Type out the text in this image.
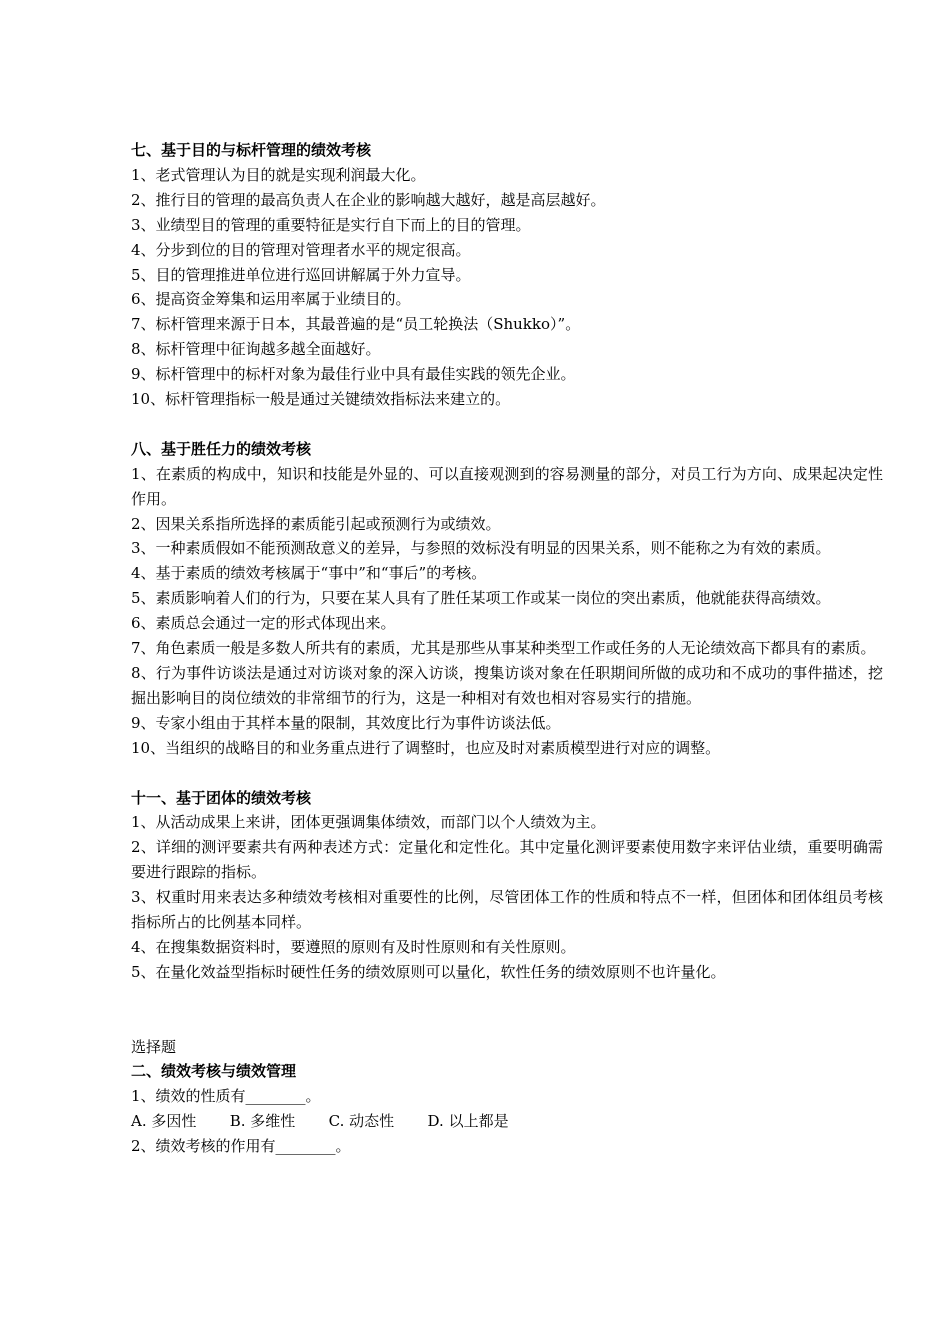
七、基于目的与标杆管理的绩效考核
1、老式管理认为目的就是实现利润最大化。
2、推行目的管理的最高负责人在企业的影响越大越好，越是高层越好。
3、业绩型目的管理的重要特征是实行自下而上的目的管理。
4、分步到位的目的管理对管理者水平的规定很高。
5、目的管理推进单位进行巡回讲解属于外力宣导。
6、提高资金筹集和运用率属于业绩目的。
7、标杆管理来源于日本，其最普遍的是“员工轮换法（Shukko）”。
8、标杆管理中征询越多越全面越好。
9、标杆管理中的标杆对象为最佳行业中具有最佳实践的领先企业。
10、标杆管理指标一般是通过关键绩效指标法来建立的。
八、基于胜任力的绩效考核
1、在素质的构成中，知识和技能是外显的、可以直接观测到的容易测量的部分，对员工行为方向、成果起决定性作用。
2、因果关系指所选择的素质能引起或预测行为或绩效。
3、一种素质假如不能预测敌意义的差异，与参照的效标没有明显的因果关系，则不能称之为有效的素质。
4、基于素质的绩效考核属于“事中”和“事后”的考核。
5、素质影响着人们的行为，只要在某人具有了胜任某项工作或某一岗位的突出素质，他就能获得高绩效。
6、素质总会通过一定的形式体现出来。
7、角色素质一般是多数人所共有的素质，尤其是那些从事某种类型工作或任务的人无论绩效高下都具有的素质。
8、行为事件访谈法是通过对访谈对象的深入访谈，搜集访谈对象在任职期间所做的成功和不成功的事件描述，挖掘出影响目的岗位绩效的非常细节的行为，这是一种相对有效也相对容易实行的措施。
9、专家小组由于其样本量的限制，其效度比行为事件访谈法低。
10、当组织的战略目的和业务重点进行了调整时，也应及时对素质模型进行对应的调整。
十一、基于团体的绩效考核
1、从活动成果上来讲，团体更强调集体绩效，而部门以个人绩效为主。
2、详细的测评要素共有两种表述方式：定量化和定性化。其中定量化测评要素使用数字来评估业绩，重要明确需要进行跟踪的指标。
3、权重时用来表达多种绩效考核相对重要性的比例，尽管团体工作的性质和特点不一样，但团体和团体组员考核指标所占的比例基本同样。
4、在搜集数据资料时，要遵照的原则有及时性原则和有关性原则。
5、在量化效益型指标时硬性任务的绩效原则可以量化，软性任务的绩效原则不也许量化。
选择题
二、绩效考核与绩效管理
1、绩效的性质有________。
A. 多因性       B. 多维性       C. 动态性       D. 以上都是
2、绩效考核的作用有________。
